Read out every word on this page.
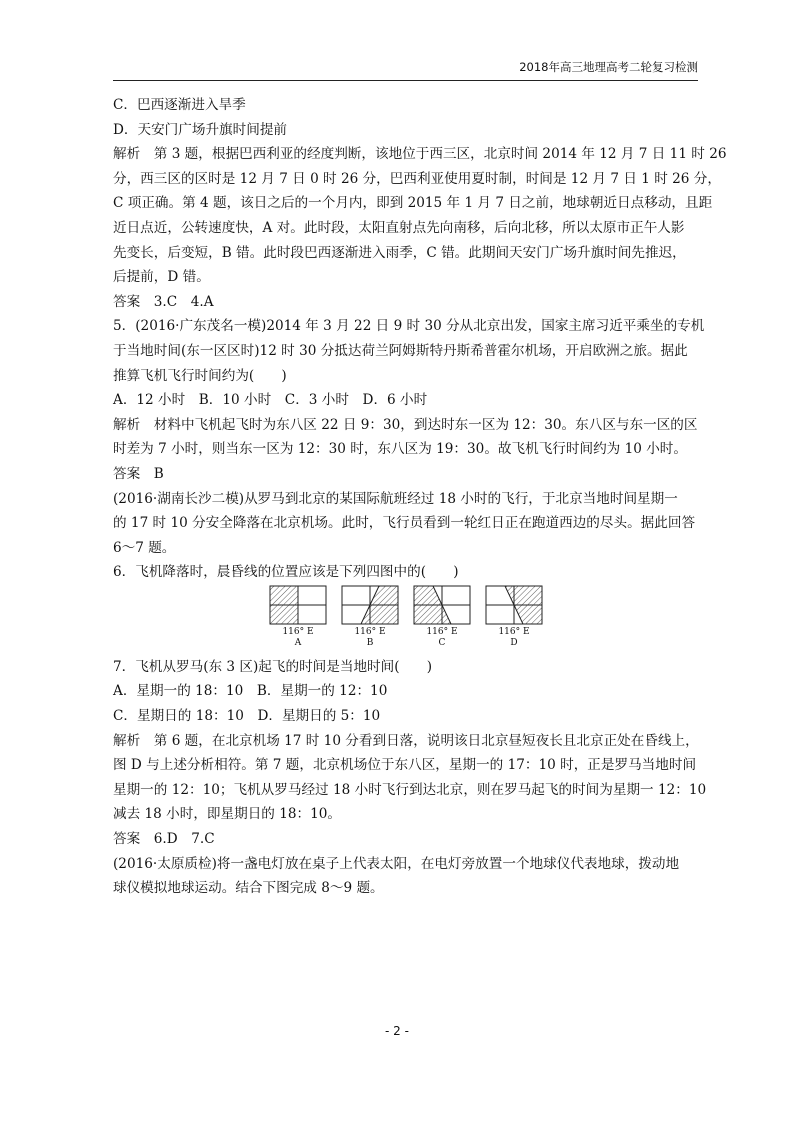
2018年高三地理高考二轮复习检测
C．巴西逐渐进入旱季
D．天安门广场升旗时间提前
解析　第 3 题，根据巴西利亚的经度判断，该地位于西三区，北京时间 2014 年 12 月 7 日 11 时 26
分，西三区的区时是 12 月 7 日 0 时 26 分，巴西利亚使用夏时制，时间是 12 月 7 日 1 时 26 分，
C 项正确。第 4 题，该日之后的一个月内，即到 2015 年 1 月 7 日之前，地球朝近日点移动，且距
近日点近，公转速度快，A 对。此时段，太阳直射点先向南移，后向北移，所以太原市正午人影
先变长，后变短，B 错。此时段巴西逐渐进入雨季，C 错。此期间天安门广场升旗时间先推迟，
后提前，D 错。
答案　3.C　4.A
5．(2016·广东茂名一模)2014 年 3 月 22 日 9 时 30 分从北京出发，国家主席习近平乘坐的专机
于当地时间(东一区区时)12 时 30 分抵达荷兰阿姆斯特丹斯希普霍尔机场，开启欧洲之旅。据此
推算飞机飞行时间约为(　　)
A．12 小时　B．10 小时　C．3 小时　D．6 小时
解析　材料中飞机起飞时为东八区 22 日 9：30，到达时东一区为 12：30。东八区与东一区的区
时差为 7 小时，则当东一区为 12：30 时，东八区为 19：30。故飞机飞行时间约为 10 小时。
答案　B
(2016·湖南长沙二模)从罗马到北京的某国际航班经过 18 小时的飞行，于北京当地时间星期一
的 17 时 10 分安全降落在北京机场。此时，飞行员看到一轮红日正在跑道西边的尽头。据此回答
6～7 题。
6．飞机降落时，晨昏线的位置应该是下列四图中的(　　)
116° E
A
116° E
B
116° E
C
116° E
D
7．飞机从罗马(东 3 区)起飞的时间是当地时间(　　)
A．星期一的 18：10　B．星期一的 12：10
C．星期日的 18：10　D．星期日的 5：10
解析　第 6 题，在北京机场 17 时 10 分看到日落，说明该日北京昼短夜长且北京正处在昏线上，
图 D 与上述分析相符。第 7 题，北京机场位于东八区，星期一的 17：10 时，正是罗马当地时间
星期一的 12：10；飞机从罗马经过 18 小时飞行到达北京，则在罗马起飞的时间为星期一 12：10
减去 18 小时，即星期日的 18：10。
答案　6.D　7.C
(2016·太原质检)将一盏电灯放在桌子上代表太阳，在电灯旁放置一个地球仪代表地球，拨动地
球仪模拟地球运动。结合下图完成 8～9 题。
- 2 -
